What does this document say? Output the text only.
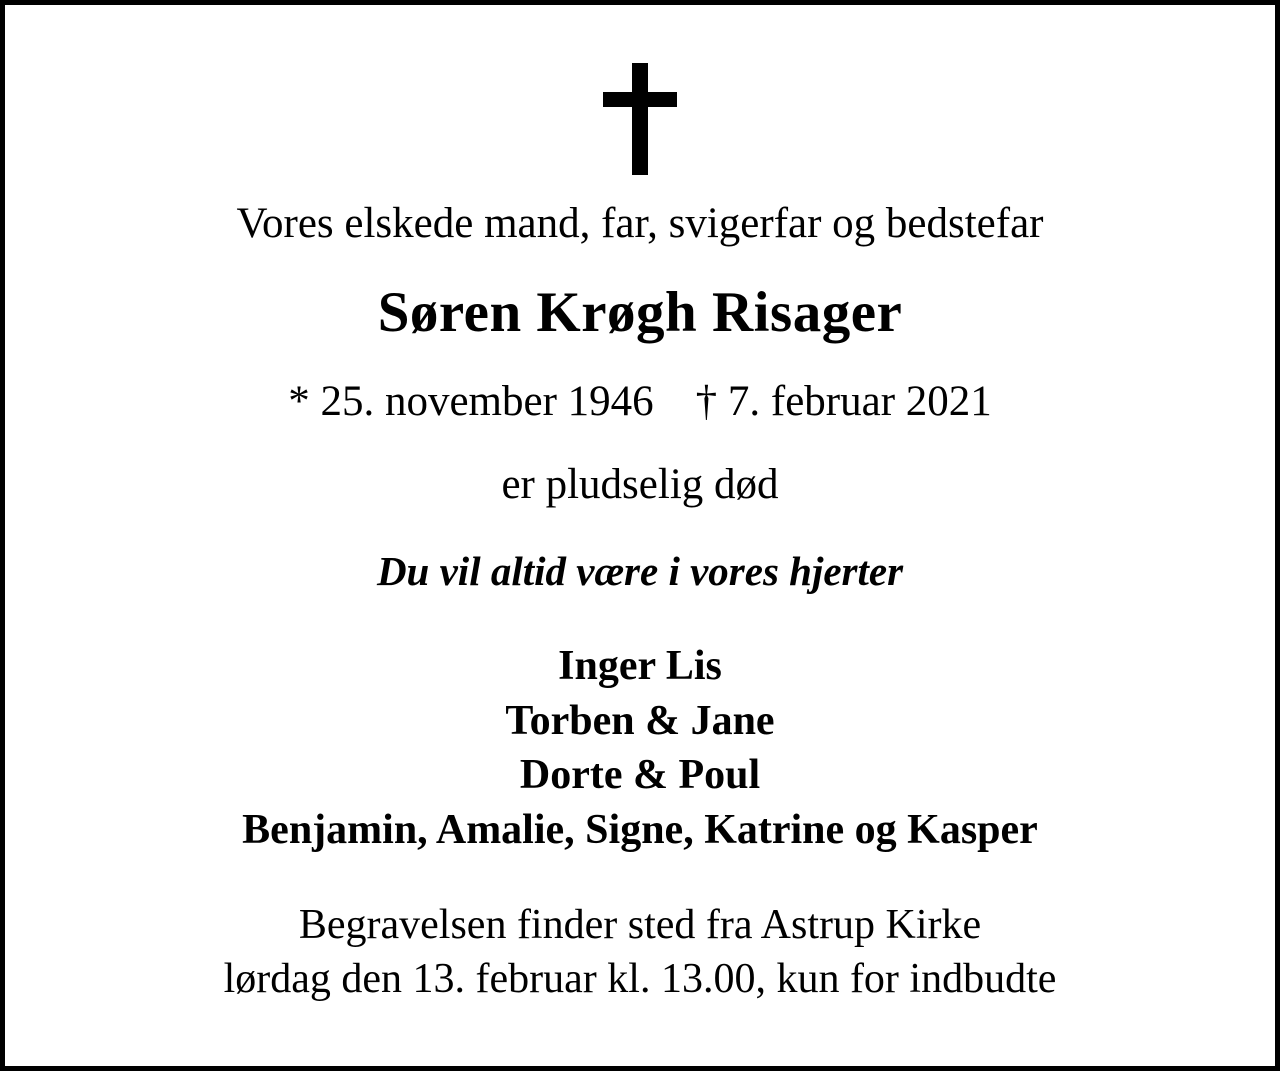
Vores elskede mand, far, svigerfar og bedstefar
Søren Krøgh Risager
* 25. november 1946 † 7. februar 2021
er pludselig død
Du vil altid være i vores hjerter
Inger Lis
Torben & Jane
Dorte & Poul
Benjamin, Amalie, Signe, Katrine og Kasper
Begravelsen finder sted fra Astrup Kirke
lørdag den 13. februar kl. 13.00, kun for indbudte
